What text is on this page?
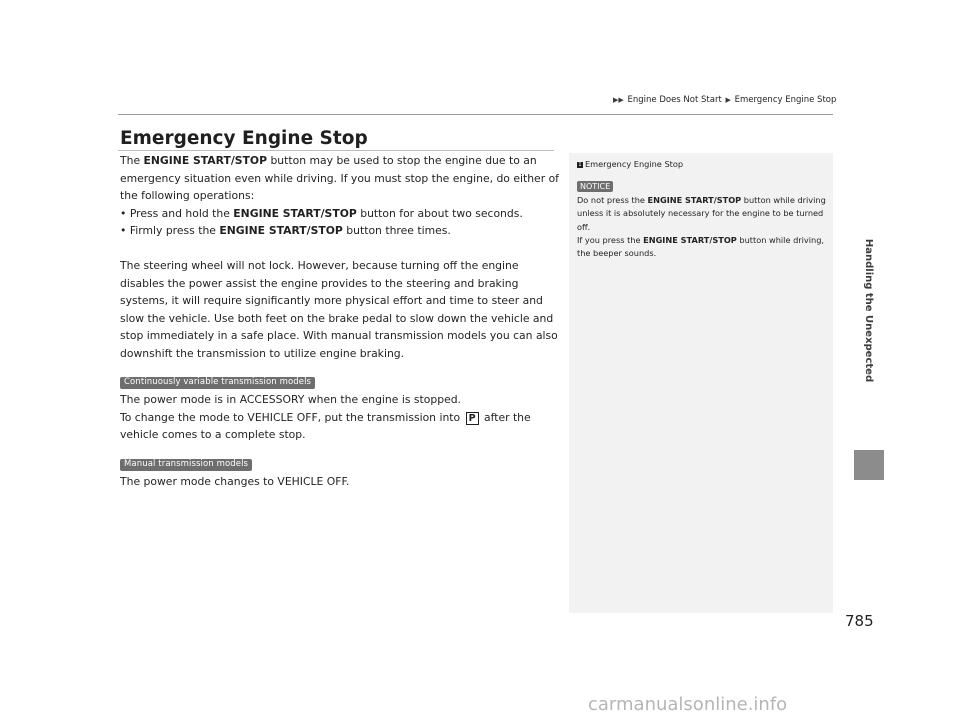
▶▶ Engine Does Not Start ▶ Emergency Engine Stop
Handling the Unexpected
Emergency Engine Stop

The ENGINE START/STOP button may be used to stop the engine due to an emergency situation even while driving. If you must stop the engine, do either of the following operations:

• Press and hold the ENGINE START/STOP button for about two seconds.

• Firmly press the ENGINE START/STOP button three times.

The steering wheel will not lock. However, because turning off the engine disables the power assist the engine provides to the steering and braking systems, it will require significantly more physical effort and time to steer and slow the vehicle. Use both feet on the brake pedal to slow down the vehicle and stop immediately in a safe place. With manual transmission models you can also downshift the transmission to utilize engine braking.

Continuously variable transmission models

The power mode is in ACCESSORY when the engine is stopped.

To change the mode to VEHICLE OFF, put the transmission into P after the vehicle comes to a complete stop.

Manual transmission models

The power mode changes to VEHICLE OFF.

1 Emergency Engine Stop
NOTICE

Do not press the ENGINE START/STOP button while driving unless it is absolutely necessary for the engine to be turned off.

If you press the ENGINE START/STOP button while driving, the beeper sounds.

785
carmanualsonline.info
